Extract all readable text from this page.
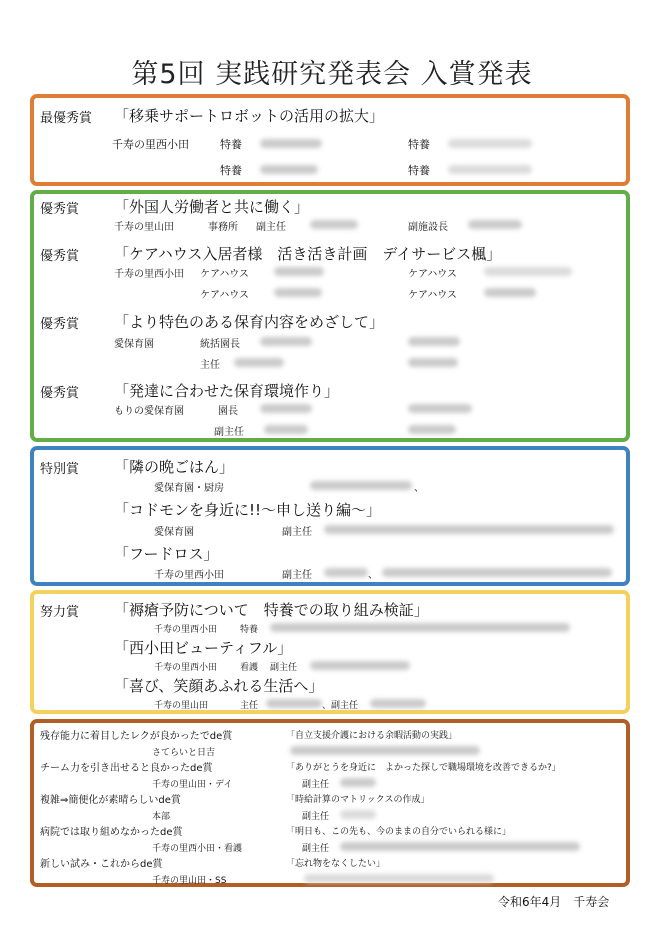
第5回 実践研究発表会 入賞発表
最優秀賞 「移乗サポートロボットの活用の拡大」
千寿の里西小田	特養	特養
特養	特養
優秀賞 「外国人労働者と共に働く」
千寿の里山田	事務所 副主任	副施設長
優秀賞 「ケアハウス入居者様　活き活き計画　デイサービス楓」
千寿の里西小田 ケアハウス	ケアハウス
ケアハウス	ケアハウス
優秀賞 「より特色のある保育内容をめざして」
愛保育園	統括園長
主任
優秀賞 「発達に合わせた保育環境作り」
もりの愛保育園	園長
副主任
特別賞 「隣の晩ごはん」
愛保育園・厨房	、
「コドモンを身近に!!～申し送り編～」
愛保育園	副主任
「フードロス」
千寿の里西小田	副主任	、
努力賞 「褥瘡予防について　特養での取り組み検証」
千寿の里西小田	特養
「西小田ビューティフル」
千寿の里西小田	看護 副主任
「喜び、笑顔あふれる生活へ」
千寿の里山田	主任	、副主任
残存能力に着目したレクが良かったでde賞	「自立支援介護における余暇活動の実践」
さてらいと日吉
チーム力を引き出せると良かったde賞	「ありがとうを身近に　よかった探しで職場環境を改善できるか?」
千寿の里山田・デイ	副主任
複雑⇒簡便化が素晴らしいde賞	「時給計算のマトリックスの作成」
本部	副主任
病院では取り組めなかったde賞	「明日も、この先も、今のままの自分でいられる様に」
千寿の里西小田・看護	副主任
新しい試み・これからde賞	「忘れ物をなくしたい」
千寿の里山田・SS
令和6年4月　千寿会
